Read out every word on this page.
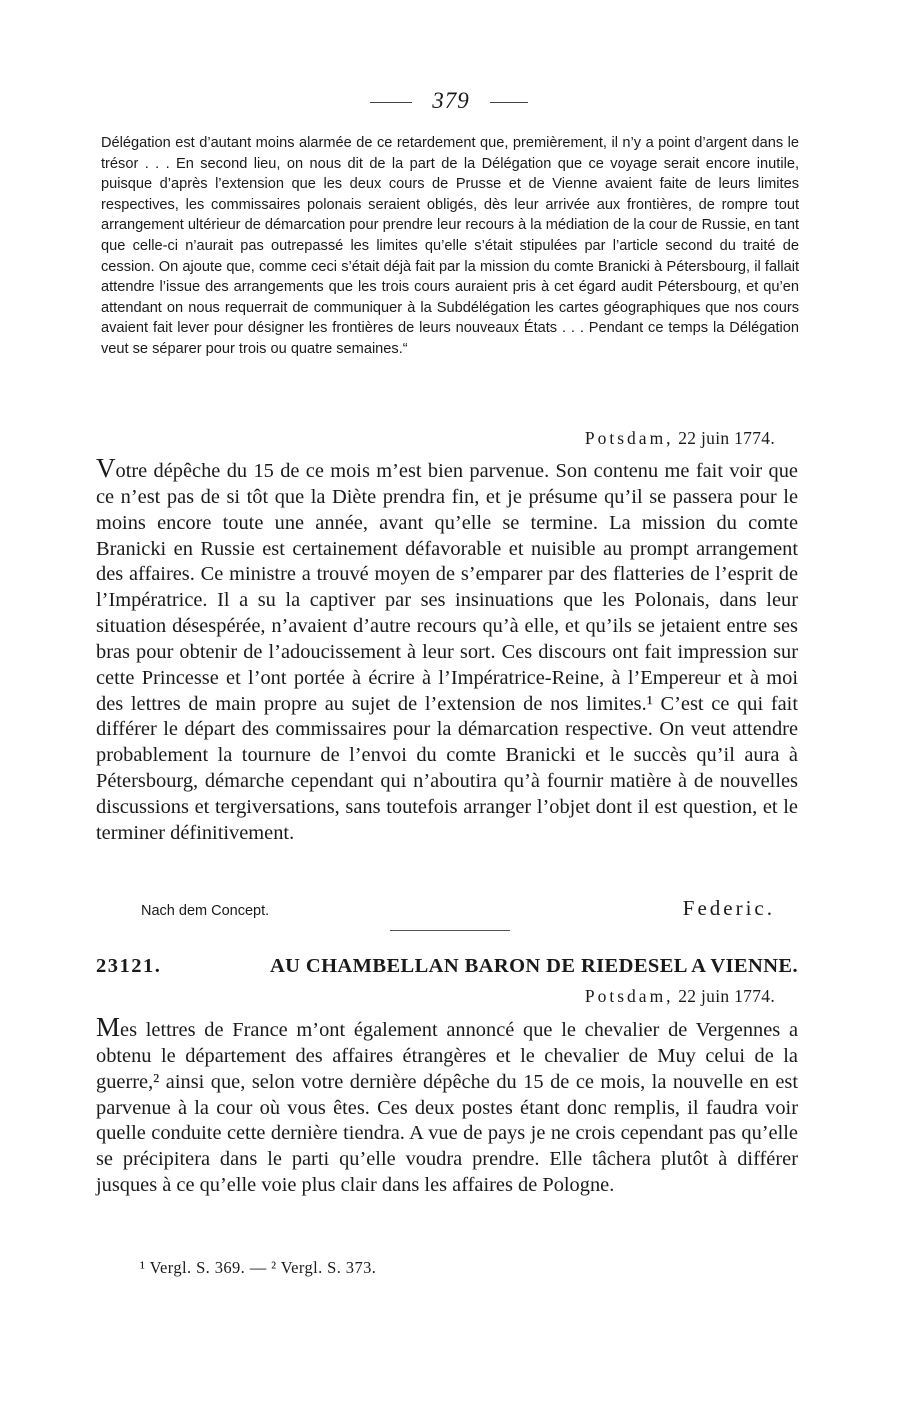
379

Délégation est d’autant moins alarmée de ce retardement que, premièrement, il n’y a point d’argent dans le trésor . . . En second lieu, on nous dit de la part de la Délégation que ce voyage serait encore inutile, puisque d’après l’extension que les deux cours de Prusse et de Vienne avaient faite de leurs limites respectives, les commissaires polonais seraient obligés, dès leur arrivée aux frontières, de rompre tout arrangement ultérieur de démarcation pour prendre leur recours à la médiation de la cour de Russie, en tant que celle-ci n’aurait pas outrepassé les limites qu’elle s’était stipulées par l’article second du traité de cession. On ajoute que, comme ceci s’était déjà fait par la mission du comte Branicki à Pétersbourg, il fallait attendre l’issue des arrangements que les trois cours auraient pris à cet égard audit Pétersbourg, et qu’en attendant on nous requerrait de communiquer à la Subdélégation les cartes géographiques que nos cours avaient fait lever pour désigner les frontières de leurs nouveaux États . . . Pendant ce temps la Délégation veut se séparer pour trois ou quatre semaines.“

Potsdam, 22 juin 1774.

Votre dépêche du 15 de ce mois m’est bien parvenue. Son contenu me fait voir que ce n’est pas de si tôt que la Diète prendra fin, et je présume qu’il se passera pour le moins encore toute une année, avant qu’elle se termine. La mission du comte Branicki en Russie est certainement défavorable et nuisible au prompt arrangement des affaires. Ce ministre a trouvé moyen de s’emparer par des flatteries de l’esprit de l’Impératrice. Il a su la captiver par ses insinuations que les Polonais, dans leur situation désespérée, n’avaient d’autre recours qu’à elle, et qu’ils se jetaient entre ses bras pour obtenir de l’adoucissement à leur sort. Ces discours ont fait impression sur cette Princesse et l’ont portée à écrire à l’Impératrice-Reine, à l’Empereur et à moi des lettres de main propre au sujet de l’extension de nos limites.¹ C’est ce qui fait différer le départ des commissaires pour la démarcation respective. On veut attendre probablement la tournure de l’envoi du comte Branicki et le succès qu’il aura à Pétersbourg, démarche cependant qui n’aboutira qu’à fournir matière à de nouvelles discussions et tergiversations, sans toutefois arranger l’objet dont il est question, et le terminer définitivement.

Nach dem Concept.	Federic.

23121.	AU CHAMBELLAN BARON DE RIEDESEL A VIENNE.

Potsdam, 22 juin 1774.

Mes lettres de France m’ont également annoncé que le chevalier de Vergennes a obtenu le département des affaires étrangères et le chevalier de Muy celui de la guerre,² ainsi que, selon votre dernière dépêche du 15 de ce mois, la nouvelle en est parvenue à la cour où vous êtes. Ces deux postes étant donc remplis, il faudra voir quelle conduite cette dernière tiendra. A vue de pays je ne crois cependant pas qu’elle se précipitera dans le parti qu’elle voudra prendre. Elle tâchera plutôt à différer jusques à ce qu’elle voie plus clair dans les affaires de Pologne.

¹ Vergl. S. 369. — ² Vergl. S. 373.
